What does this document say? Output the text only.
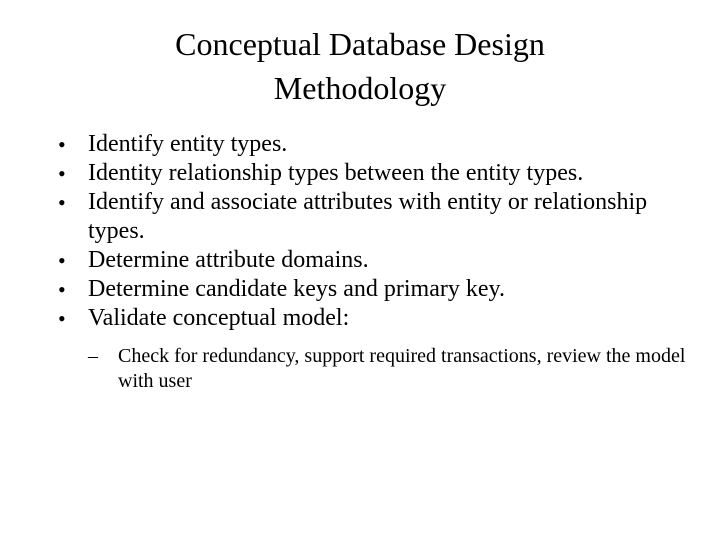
Conceptual Database Design
Methodology
• Identify entity types.
• Identity relationship types between the entity types.
• Identify and associate attributes with entity or relationship types.
• Determine attribute domains.
• Determine candidate keys and primary key.
• Validate conceptual model:
–	Check for redundancy, support required transactions, review the model with user
